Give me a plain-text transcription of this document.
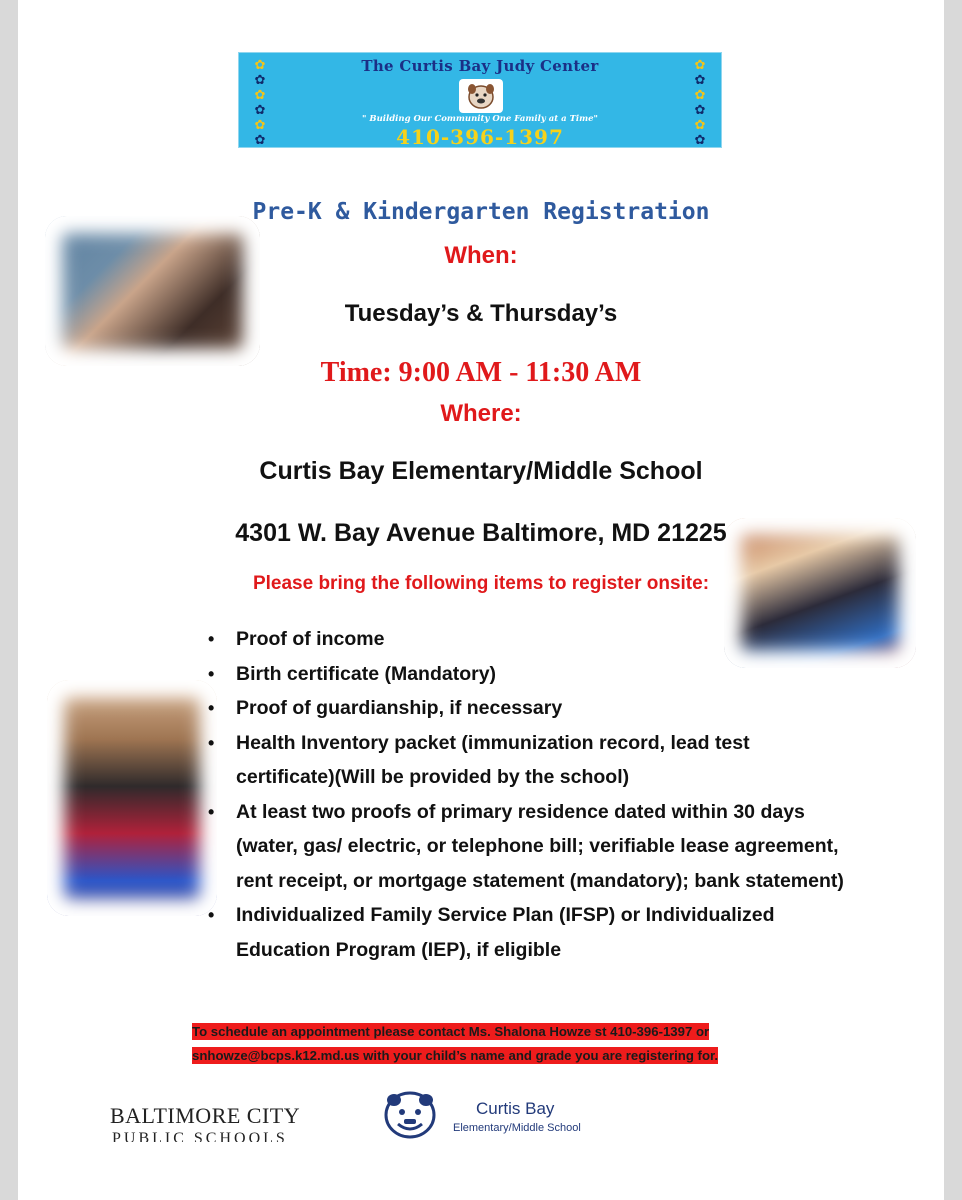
✿
✿
✿
✿
✿
✿
✿
✿
✿
✿
✿
✿
The Curtis Bay Judy Center
" Building Our Community One Family at a Time"
410-396-1397
Pre-K & Kindergarten Registration
When:
Tuesday’s & Thursday’s
Time: 9:00 AM - 11:30 AM
Where:
Curtis Bay Elementary/Middle School
4301 W. Bay Avenue Baltimore, MD 21225
Please bring the following items to register onsite:
• Proof of income
• Birth certificate (Mandatory)
• Proof of guardianship, if necessary
• Health Inventory packet (immunization record, lead test certificate)(Will be provided by the school)
• At least two proofs of primary residence dated within 30 days (water, gas/ electric, or telephone bill; verifiable lease agreement, rent receipt, or mortgage statement (mandatory); bank statement)
• Individualized Family Service Plan (IFSP) or Individualized Education Program (IEP), if eligible
To schedule an appointment please contact Ms. Shalona Howze st 410-396-1397 or snhowze@bcps.k12.md.us with your child’s name and grade you are registering for.
BALTIMORE CITY
PUBLIC SCHOOLS
Curtis Bay
Elementary/Middle School
